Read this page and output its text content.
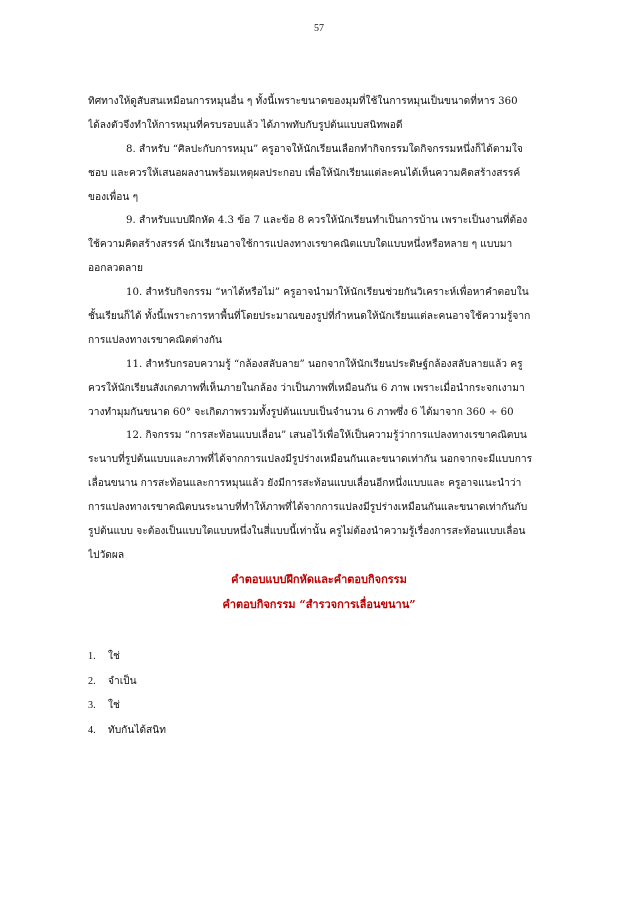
57
ทิศทางให้ดูสับสนเหมือนการหมุนอื่น ๆ ทั้งนี้เพราะขนาดของมุมที่ใช้ในการหมุนเป็นขนาดที่หาร 360
ได้ลงตัวจึงทำให้การหมุนที่ครบรอบแล้ว ได้ภาพทับกับรูปต้นแบบสนิทพอดี
8. สำหรับ “ศิลปะกับการหมุน” ครูอาจให้นักเรียนเลือกทำกิจกรรมใดกิจกรรมหนึ่งก็ได้ตามใจ
ชอบ และควรให้เสนอผลงานพร้อมเหตุผลประกอบ เพื่อให้นักเรียนแต่ละคนได้เห็นความคิดสร้างสรรค์
ของเพื่อน ๆ
9. สำหรับแบบฝึกหัด 4.3 ข้อ 7 และข้อ 8 ควรให้นักเรียนทำเป็นการบ้าน เพราะเป็นงานที่ต้อง
ใช้ความคิดสร้างสรรค์ นักเรียนอาจใช้การแปลงทางเรขาคณิตแบบใดแบบหนึ่งหรือหลาย ๆ แบบมา
ออกลวดลาย
10. สำหรับกิจกรรม “หาได้หรือไม่” ครูอาจนำมาให้นักเรียนช่วยกันวิเคราะห์เพื่อหาคำตอบใน
ชั้นเรียนก็ได้ ทั้งนี้เพราะการหาพื้นที่โดยประมาณของรูปที่กำหนดให้นักเรียนแต่ละคนอาจใช้ความรู้จาก
การแปลงทางเรขาคณิตต่างกัน
11. สำหรับกรอบความรู้ “กล้องสลับลาย” นอกจากให้นักเรียนประดิษฐ์กล้องสลับลายแล้ว ครู
ควรให้นักเรียนสังเกตภาพที่เห็นภายในกล้อง ว่าเป็นภาพที่เหมือนกัน 6 ภาพ เพราะเมื่อนำกระจกเงามา
วางทำมุมกันขนาด 60° จะเกิดภาพรวมทั้งรูปต้นแบบเป็นจำนวน 6 ภาพซึ่ง 6 ได้มาจาก 360 ÷ 60
12. กิจกรรม “การสะท้อนแบบเลื่อน” เสนอไว้เพื่อให้เป็นความรู้ว่าการแปลงทางเรขาคณิตบน
ระนาบที่รูปต้นแบบและภาพที่ได้จากการแปลงมีรูปร่างเหมือนกันและขนาดเท่ากัน นอกจากจะมีแบบการ
เลื่อนขนาน การสะท้อนและการหมุนแล้ว ยังมีการสะท้อนแบบเลื่อนอีกหนึ่งแบบและ ครูอาจแนะนำว่า
การแปลงทางเรขาคณิตบนระนาบที่ทำให้ภาพที่ได้จากการแปลงมีรูปร่างเหมือนกันและขนาดเท่ากันกับ
รูปต้นแบบ จะต้องเป็นแบบใดแบบหนึ่งในสี่แบบนี้เท่านั้น ครูไม่ต้องนำความรู้เรื่องการสะท้อนแบบเลื่อน
ไปวัดผล
คำตอบแบบฝึกหัดและคำตอบกิจกรรม
คำตอบกิจกรรม “สำรวจการเลื่อนขนาน”
1.	ใช่
2.	จำเป็น
3.	ใช่
4.	ทับกันได้สนิท
